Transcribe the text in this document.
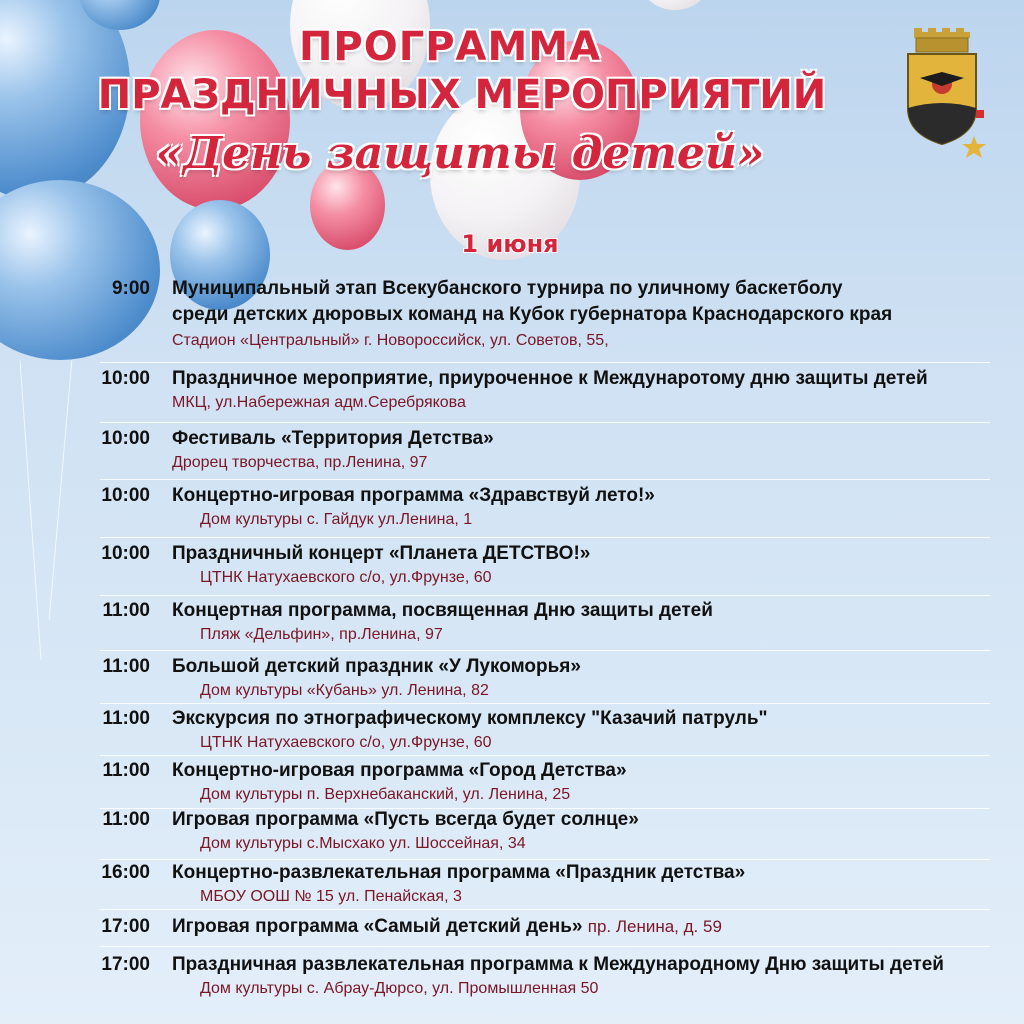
ПРОГРАММА
ПРАЗДНИЧНЫХ МЕРОПРИЯТИЙ
«День защиты детей»
1 июня
9:00 Муниципальный этап Всекубанского турнира по уличному баскетболу
среди детских дюровых команд на Кубок губернатора Краснодарского края
Стадион «Центральный» г. Новороссийск, ул. Советов, 55,
10:00 Праздничное мероприятие, приуроченное к Междунаротому дню защиты детей
МКЦ, ул.Набережная адм.Серебрякова
10:00 Фестиваль «Территория Детства»
Дрорец творчества, пр.Ленина, 97
10:00 Концертно-игровая программа «Здравствуй лето!»
Дом культуры с. Гайдук ул.Ленина, 1
10:00 Праздничный концерт «Планета ДЕТСТВО!»
ЦТНК Натухаевского с/о, ул.Фрунзе, 60
11:00 Концертная программа, посвященная Дню защиты детей
Пляж «Дельфин», пр.Ленина, 97
11:00 Большой детский праздник «У Лукоморья»
Дом культуры «Кубань» ул. Ленина, 82
11:00 Экскурсия по этнографическому комплексу "Казачий патруль"
ЦТНК Натухаевского с/о, ул.Фрунзе, 60
11:00 Концертно-игровая программа «Город Детства»
Дом культуры п. Верхнебаканский, ул. Ленина, 25
11:00 Игровая программа «Пусть всегда будет солнце»
Дом культуры с.Мысхако ул. Шоссейная, 34
16:00 Концертно-развлекательная программа «Праздник детства»
МБОУ ООШ № 15 ул. Пенайская, 3
17:00 Игровая программа «Самый детский день» пр. Ленина, д. 59
17:00 Праздничная развлекательная программа к Международному Дню защиты детей
Дом культуры с. Абрау-Дюрсо, ул. Промышленная 50
